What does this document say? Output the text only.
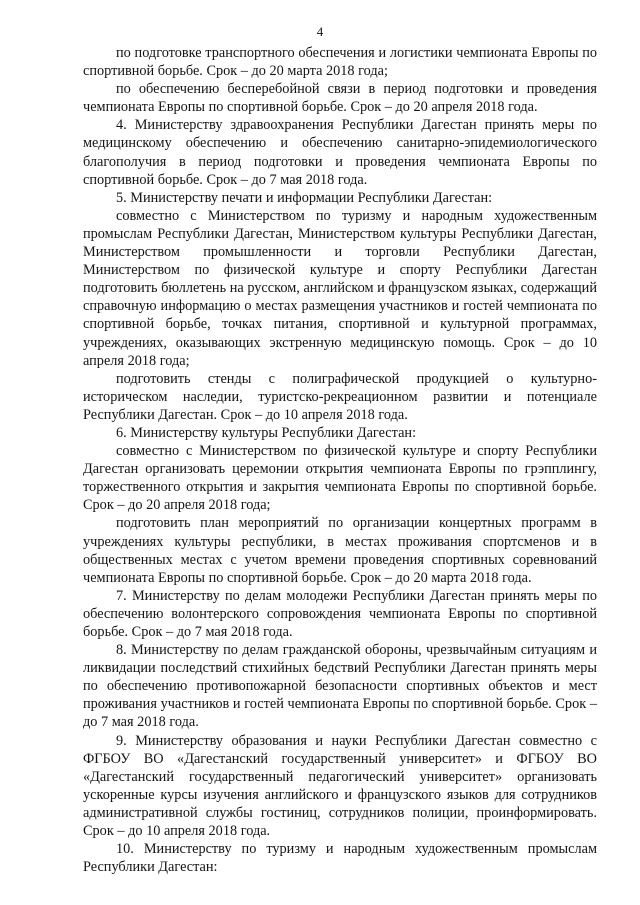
4

по подготовке транспортного обеспечения и логистики чемпионата Европы по спортивной борьбе. Срок – до 20 марта 2018 года;

по обеспечению бесперебойной связи в период подготовки и проведения чемпионата Европы по спортивной борьбе. Срок – до 20 апреля 2018 года.

4. Министерству здравоохранения Республики Дагестан принять меры по медицинскому обеспечению и обеспечению санитарно-эпидемиологического благополучия в период подготовки и проведения чемпионата Европы по спортивной борьбе. Срок – до 7 мая 2018 года.

5. Министерству печати и информации Республики Дагестан:

совместно с Министерством по туризму и народным художественным промыслам Республики Дагестан, Министерством культуры Республики Дагестан, Министерством промышленности и торговли Республики Дагестан, Министерством по физической культуре и спорту Республики Дагестан подготовить бюллетень на русском, английском и французском языках, содержащий справочную информацию о местах размещения участников и гостей чемпионата по спортивной борьбе, точках питания, спортивной и культурной программах, учреждениях, оказывающих экстренную медицинскую помощь. Срок – до 10 апреля 2018 года;

подготовить стенды с полиграфической продукцией о культурно-историческом наследии, туристско-рекреационном развитии и потенциале Республики Дагестан. Срок – до 10 апреля 2018 года.

6. Министерству культуры Республики Дагестан:

совместно с Министерством по физической культуре и спорту Республики Дагестан организовать церемонии открытия чемпионата Европы по грэпплингу, торжественного открытия и закрытия чемпионата Европы по спортивной борьбе. Срок – до 20 апреля 2018 года;

подготовить план мероприятий по организации концертных программ в учреждениях культуры республики, в местах проживания спортсменов и в общественных местах с учетом времени проведения спортивных соревнований чемпионата Европы по спортивной борьбе. Срок – до 20 марта 2018 года.

7. Министерству по делам молодежи Республики Дагестан принять меры по обеспечению волонтерского сопровождения чемпионата Европы по спортивной борьбе. Срок – до 7 мая 2018 года.

8. Министерству по делам гражданской обороны, чрезвычайным ситуациям и ликвидации последствий стихийных бедствий Республики Дагестан принять меры по обеспечению противопожарной безопасности спортивных объектов и мест проживания участников и гостей чемпионата Европы по спортивной борьбе. Срок – до 7 мая 2018 года.

9. Министерству образования и науки Республики Дагестан совместно с ФГБОУ ВО «Дагестанский государственный университет» и ФГБОУ ВО «Дагестанский государственный педагогический университет» организовать ускоренные курсы изучения английского и французского языков для сотрудников административной службы гостиниц, сотрудников полиции, проинформировать. Срок – до 10 апреля 2018 года.

10. Министерству по туризму и народным художественным промыслам Республики Дагестан:
